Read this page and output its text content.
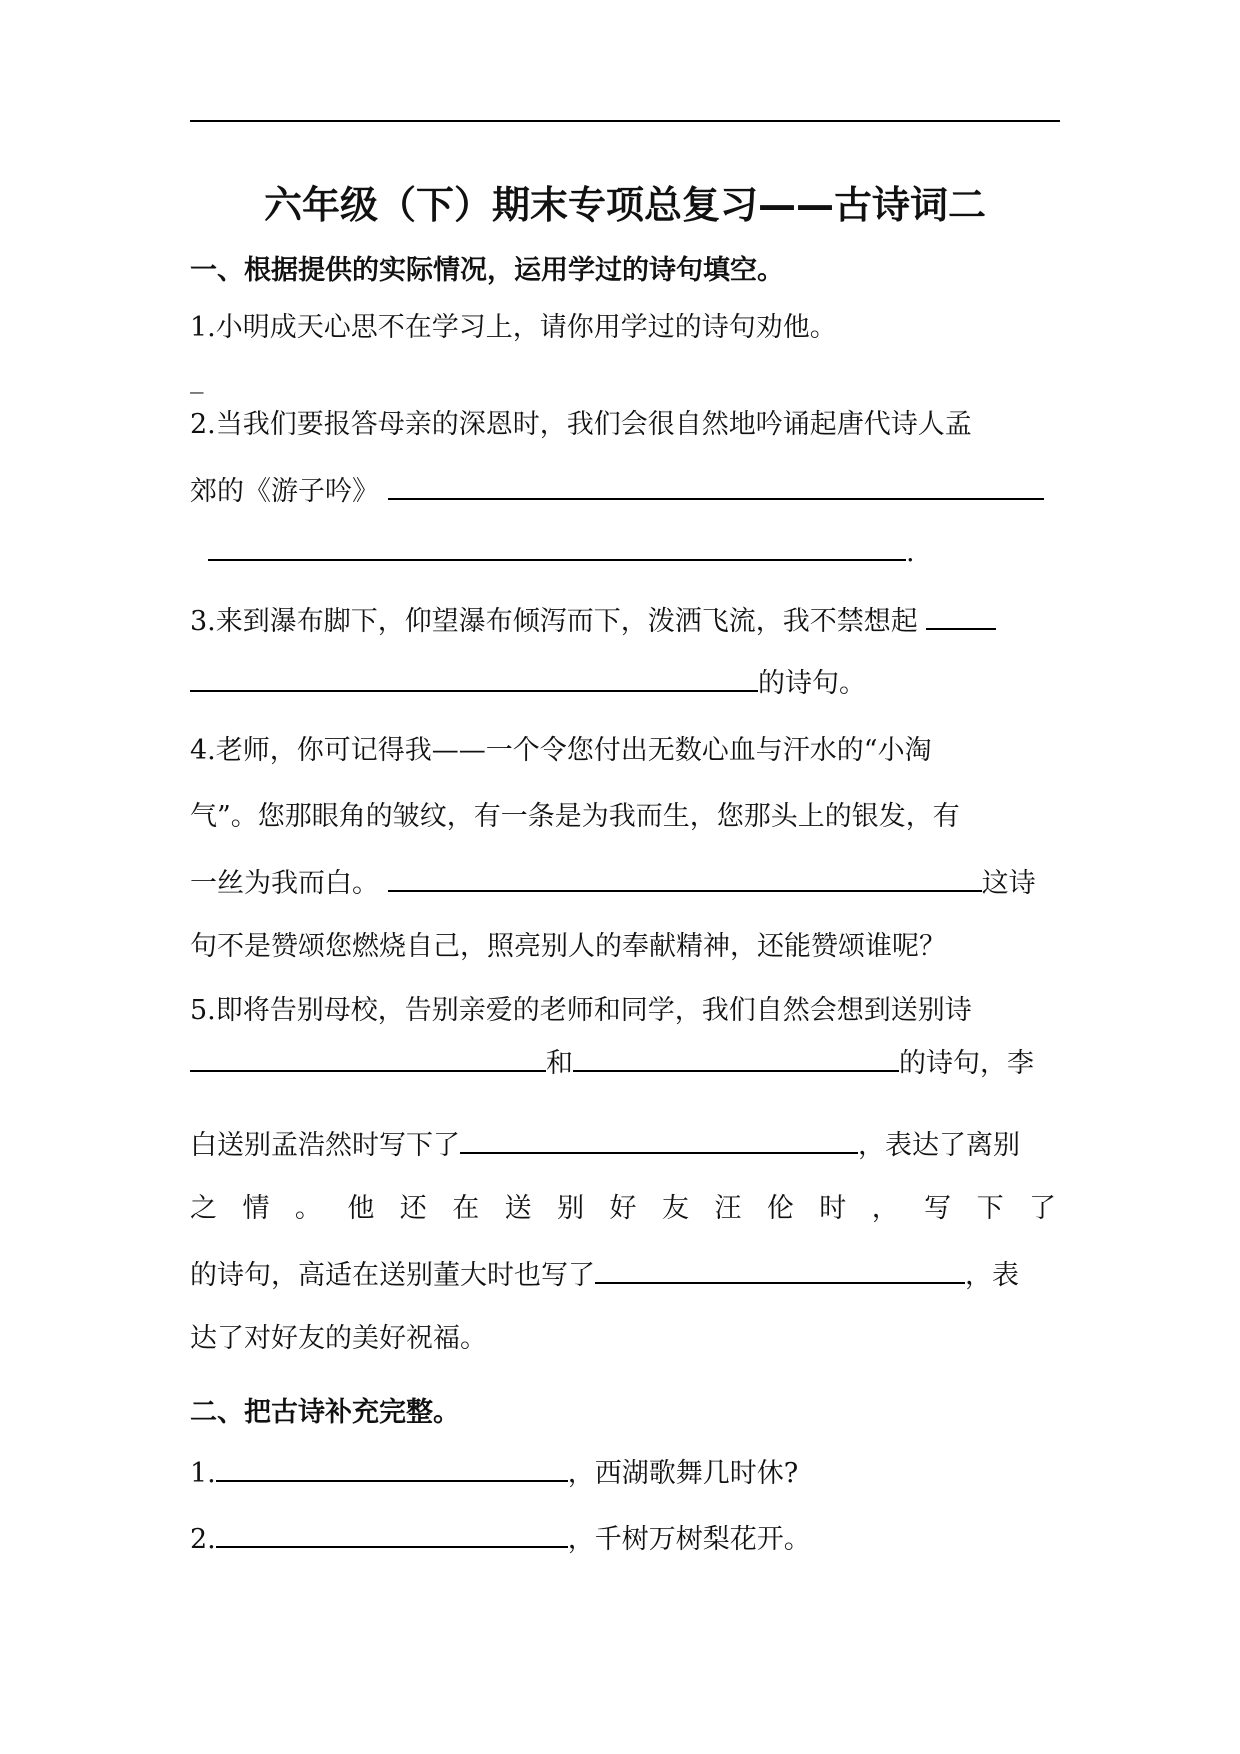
六年级（下）期末专项总复习——古诗词二
一、根据提供的实际情况，运用学过的诗句填空。
1.小明成天心思不在学习上，请你用学过的诗句劝他。
_
2.当我们要报答母亲的深恩时，我们会很自然地吟诵起唐代诗人孟
郊的《游子吟》
.
3.来到瀑布脚下，仰望瀑布倾泻而下，泼洒飞流，我不禁想起
的诗句。
4.老师，你可记得我——一个令您付出无数心血与汗水的“小淘
气”。您那眼角的皱纹，有一条是为我而生，您那头上的银发，有
一丝为我而白。	这诗
句不是赞颂您燃烧自己，照亮别人的奉献精神，还能赞颂谁呢？
5.即将告别母校，告别亲爱的老师和同学，我们自然会想到送别诗
和	的诗句，李
白送别孟浩然时写下了	，表达了离别
之 情 。 他 还 在 送 别 好 友 汪 伦 时 ， 写 下 了
的诗句，高适在送别董大时也写了	，表
达了对好友的美好祝福。
二、把古诗补充完整。
1.	，西湖歌舞几时休?
2.	，千树万树梨花开。
